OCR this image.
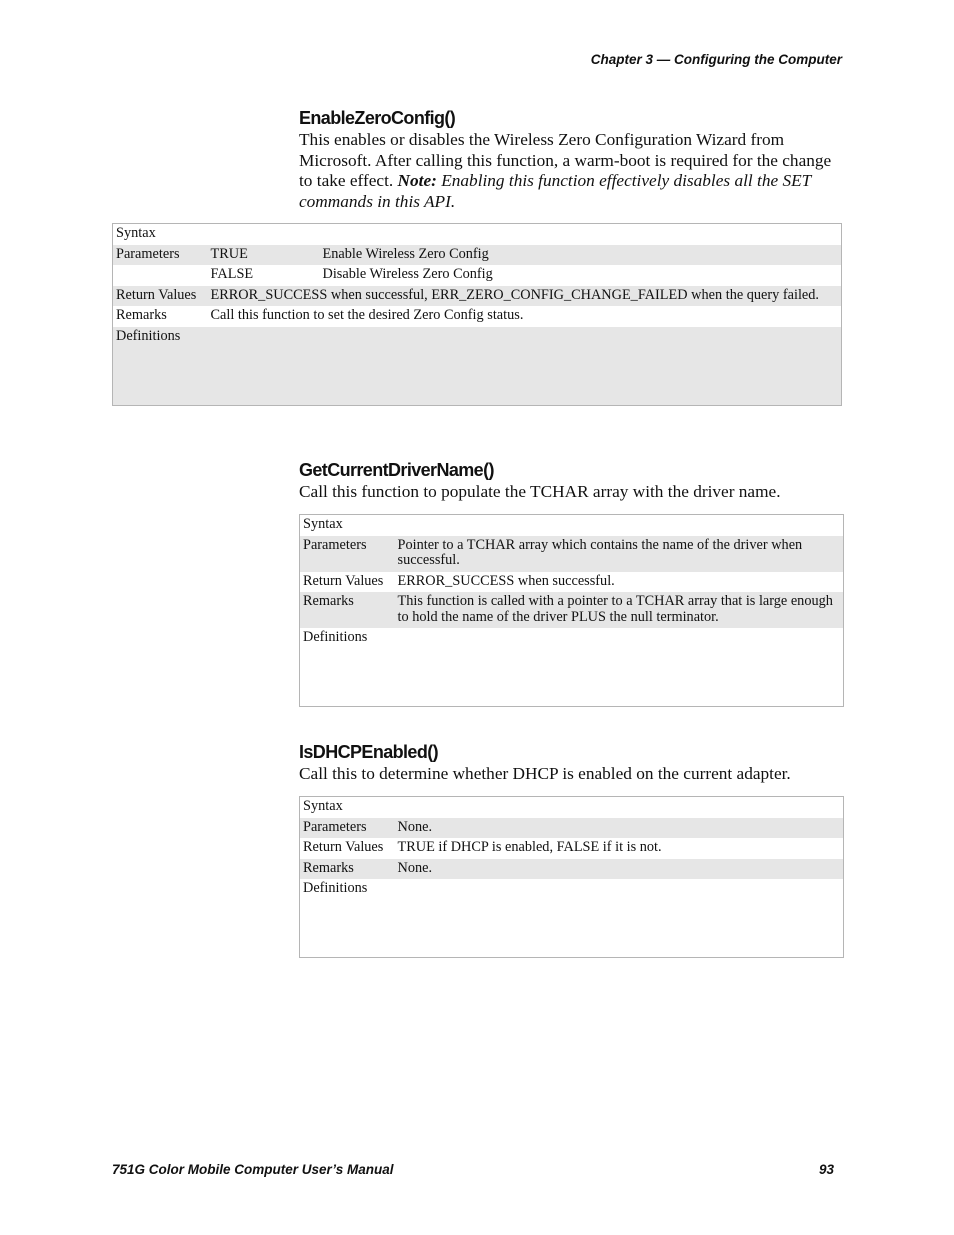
Chapter 3 — Configuring the Computer
EnableZeroConfig()
This enables or disables the Wireless Zero Configuration Wizard from Microsoft. After calling this function, a warm-boot is required for the change to take effect. Note: Enabling this function effectively disables all the SET commands in this API.
Syntax		
Parameters	TRUE	Enable Wireless Zero Config
	FALSE	Disable Wireless Zero Config
Return Values	ERROR_SUCCESS when successful, ERR_ZERO_CONFIG_CHANGE_FAILED when the query failed.	
Remarks	Call this function to set the desired Zero Config status.	
Definitions		
GetCurrentDriverName()
Call this function to populate the TCHAR array with the driver name.
Syntax	
Parameters	Pointer to a TCHAR array which contains the name of the driver when successful.
Return Values	ERROR_SUCCESS when successful.
Remarks	This function is called with a pointer to a TCHAR array that is large enough to hold the name of the driver PLUS the null terminator.
Definitions	
IsDHCPEnabled()
Call this to determine whether DHCP is enabled on the current adapter.
Syntax	
Parameters	None.
Return Values	TRUE if DHCP is enabled, FALSE if it is not.
Remarks	None.
Definitions	
751G Color Mobile Computer User’s Manual	93
